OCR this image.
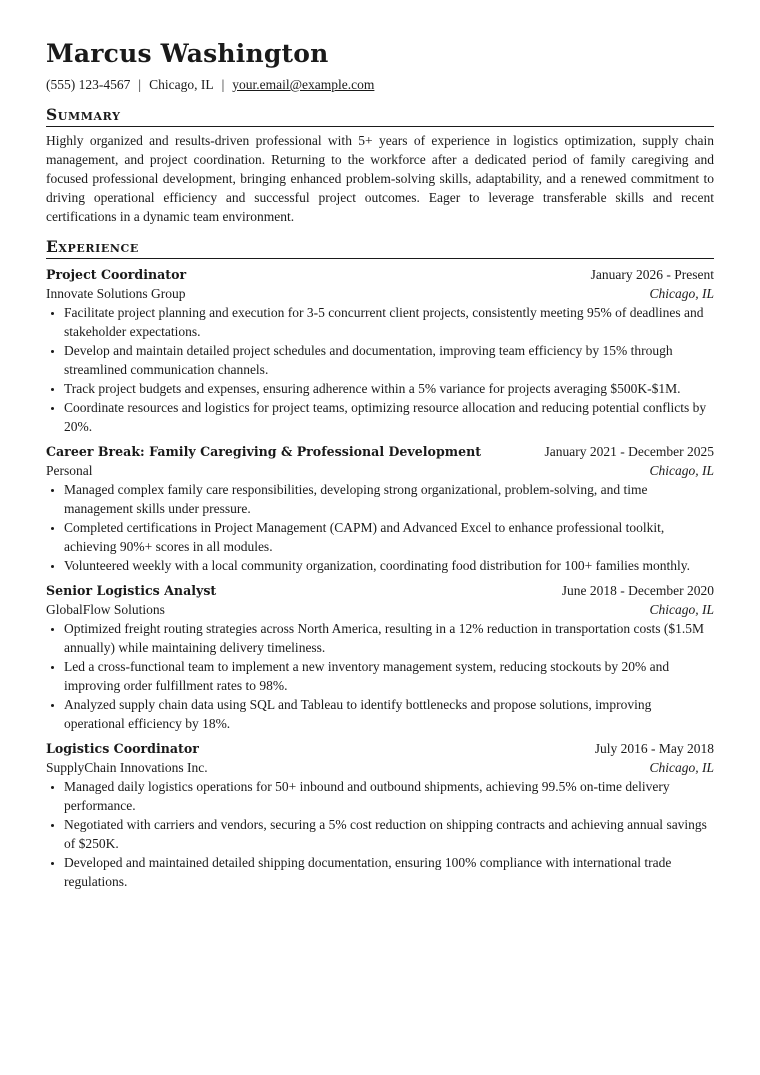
Marcus Washington
(555) 123-4567 | Chicago, IL | your.email@example.com
Summary
Highly organized and results-driven professional with 5+ years of experience in logistics optimization, supply chain management, and project coordination. Returning to the workforce after a dedicated period of family caregiving and focused professional development, bringing enhanced problem-solving skills, adaptability, and a renewed commitment to driving operational efficiency and successful project outcomes. Eager to leverage transferable skills and recent certifications in a dynamic team environment.
Experience
Project Coordinator	January 2026 - Present
Innovate Solutions Group	Chicago, IL
• Facilitate project planning and execution for 3-5 concurrent client projects, consistently meeting 95% of deadlines and stakeholder expectations.
• Develop and maintain detailed project schedules and documentation, improving team efficiency by 15% through streamlined communication channels.
• Track project budgets and expenses, ensuring adherence within a 5% variance for projects averaging $500K-$1M.
• Coordinate resources and logistics for project teams, optimizing resource allocation and reducing potential conflicts by 20%.
Career Break: Family Caregiving & Professional Development	January 2021 - December 2025
Personal	Chicago, IL
• Managed complex family care responsibilities, developing strong organizational, problem-solving, and time management skills under pressure.
• Completed certifications in Project Management (CAPM) and Advanced Excel to enhance professional toolkit, achieving 90%+ scores in all modules.
• Volunteered weekly with a local community organization, coordinating food distribution for 100+ families monthly.
Senior Logistics Analyst	June 2018 - December 2020
GlobalFlow Solutions	Chicago, IL
• Optimized freight routing strategies across North America, resulting in a 12% reduction in transportation costs ($1.5M annually) while maintaining delivery timeliness.
• Led a cross-functional team to implement a new inventory management system, reducing stockouts by 20% and improving order fulfillment rates to 98%.
• Analyzed supply chain data using SQL and Tableau to identify bottlenecks and propose solutions, improving operational efficiency by 18%.
Logistics Coordinator	July 2016 - May 2018
SupplyChain Innovations Inc.	Chicago, IL
• Managed daily logistics operations for 50+ inbound and outbound shipments, achieving 99.5% on-time delivery performance.
• Negotiated with carriers and vendors, securing a 5% cost reduction on shipping contracts and achieving annual savings of $250K.
• Developed and maintained detailed shipping documentation, ensuring 100% compliance with international trade regulations.
